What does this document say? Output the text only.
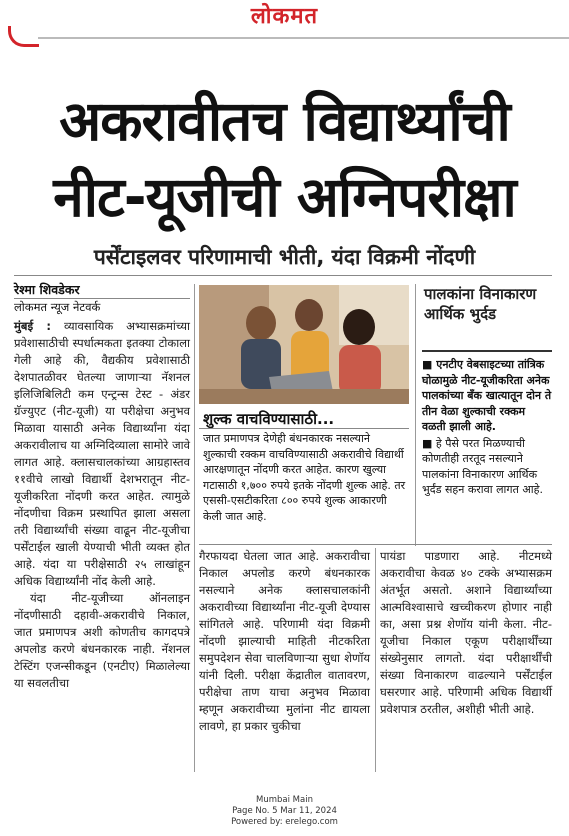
लोकमत
अकरावीतच विद्यार्थ्यांची
नीट-यूजीची अग्निपरीक्षा
पर्सेंटाइलवर परिणामाची भीती, यंदा विक्रमी नोंदणी
रेश्मा शिवडेकर
लोकमत न्यूज नेटवर्क

मुंबई : व्यावसायिक अभ्यासक्रमांच्या प्रवेशासाठीची स्पर्धात्मकता इतक्या टोकाला गेली आहे की, वैद्यकीय प्रवेशासाठी देशपातळीवर घेतल्या जाणाऱ्या नॅशनल इलिजिबिलिटी कम एन्ट्रन्स टेस्ट - अंडर ग्रॅज्युएट (नीट-यूजी) या परीक्षेचा अनुभव मिळावा यासाठी अनेक विद्यार्थ्यांना यंदा अकरावीलाच या अग्निदिव्याला सामोरे जावे लागत आहे. क्लासचालकांच्या आग्रहास्तव ११वीचे लाखो विद्यार्थी देशभरातून नीट-यूजीकरिता नोंदणी करत आहेत. त्यामुळे नोंदणीचा विक्रम प्रस्थापित झाला असला तरी विद्यार्थ्यांची संख्या वाढून नीट-यूजीचा पर्सेंटाईल खाली येण्याची भीती व्यक्त होत आहे. यंदा या परीक्षेसाठी २५ लाखांहून अधिक विद्यार्थ्यांनी नोंद केली आहे.

यंदा नीट-यूजीच्या ऑनलाइन नोंदणीसाठी दहावी-अकरावीचे निकाल, जात प्रमाणपत्र अशी कोणतीच कागदपत्रे अपलोड करणे बंधनकारक नाही. नॅशनल टेस्टिंग एजन्सीकडून (एनटीए) मिळालेल्या या सवलतीचा

शुल्क वाचविण्यासाठी...
जात प्रमाणपत्र देणेही बंधनकारक नसल्याने शुल्काची रक्कम वाचविण्यासाठी अकरावीचे विद्यार्थी आरक्षणातून नोंदणी करत आहेत. कारण खुल्या गटासाठी १,७०० रुपये इतके नोंदणी शुल्क आहे. तर एससी-एसटीकरिता ८०० रुपये शुल्क आकारणी केली जात आहे.
पालकांना विनाकारण आर्थिक भुर्दड
■ एनटीए वेबसाइटच्या तांत्रिक घोळामुळे नीट-यूजीकरिता अनेक पालकांच्या बँक खात्यातून दोन ते तीन वेळा शुल्काची रक्कम वळती झाली आहे.
■ हे पैसे परत मिळण्याची कोणतीही तरतूद नसल्याने पालकांना विनाकारण आर्थिक भुर्दंड सहन करावा लागत आहे.
गैरफायदा घेतला जात आहे. अकरावीचा निकाल अपलोड करणे बंधनकारक नसल्याने अनेक क्लासचालकांनी अकरावीच्या विद्यार्थ्यांना नीट-यूजी देण्यास सांगितले आहे. परिणामी यंदा विक्रमी नोंदणी झाल्याची माहिती नीटकरिता समुपदेशन सेवा चालविणाऱ्या सुधा शेणॉय यांनी दिली. परीक्षा केंद्रातील वातावरण, परीक्षेचा ताण याचा अनुभव मिळावा म्हणून अकरावीच्या मुलांना नीट द्यायला लावणे, हा प्रकार चुकीचा
पायंडा पाडणारा आहे. नीटमध्ये अकरावीचा केवळ ४० टक्के अभ्यासक्रम अंतर्भूत असतो. अशाने विद्यार्थ्यांच्या आत्मविश्वासाचे खच्चीकरण होणार नाही का, असा प्रश्न शेणॉय यांनी केला. नीट-यूजीचा निकाल एकूण परीक्षार्थींच्या संख्येनुसार लागतो. यंदा परीक्षार्थींची संख्या विनाकारण वाढल्याने पर्सेंटाईल घसरणार आहे. परिणामी अधिक विद्यार्थी प्रवेशपात्र ठरतील, अशीही भीती आहे.
Mumbai Main
Page No. 5 Mar 11, 2024
Powered by: erelego.com
